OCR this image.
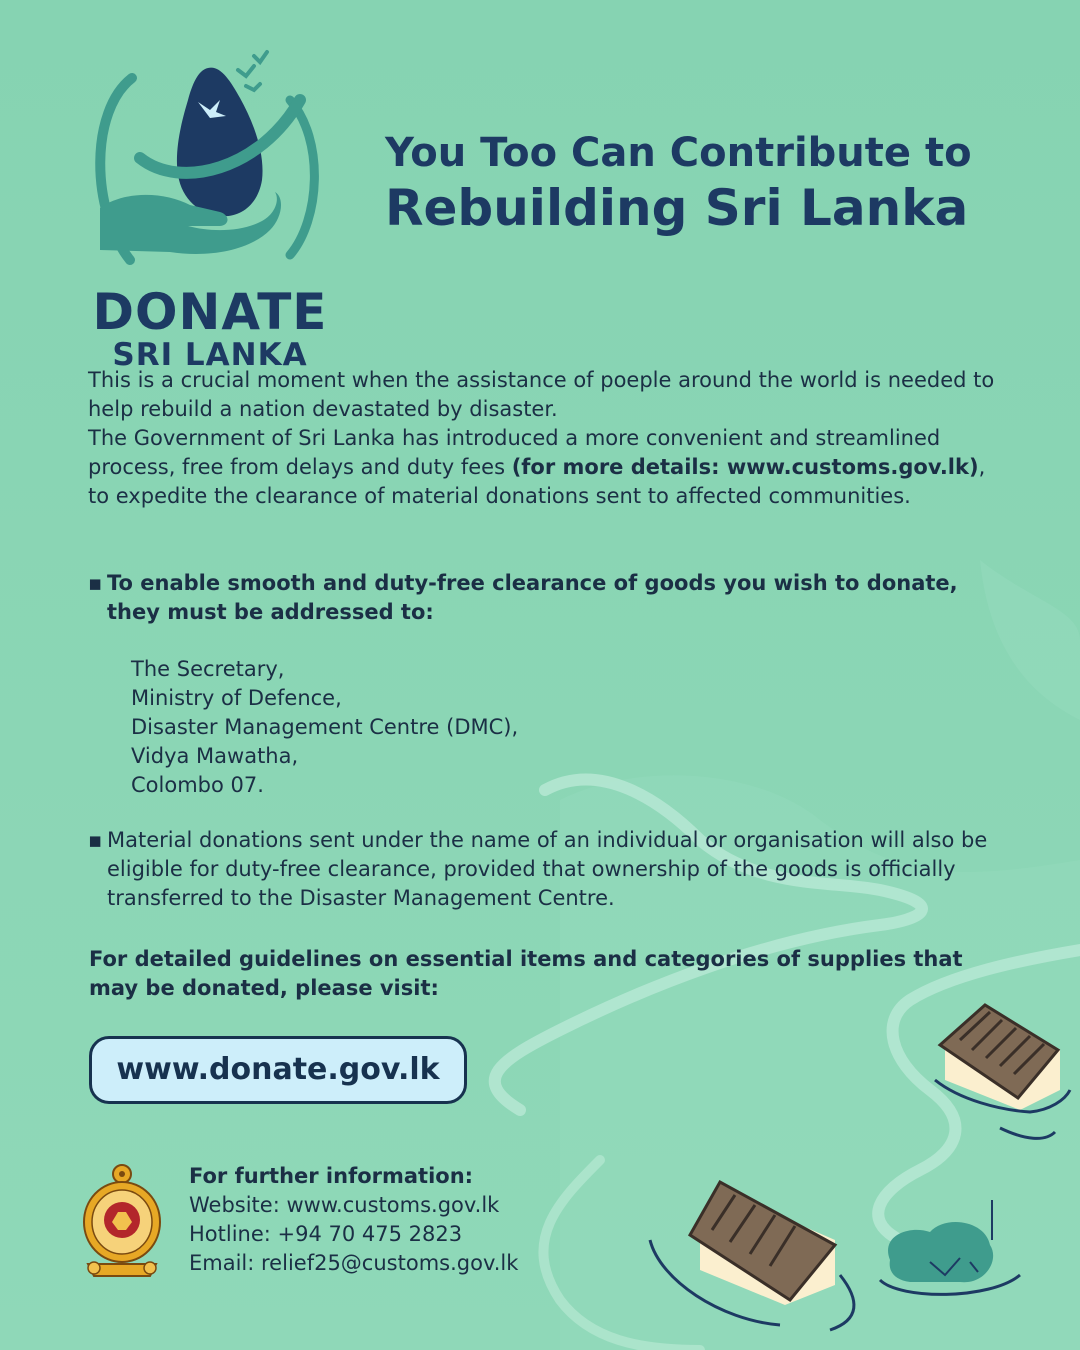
DONATE
SRI LANKA
You Too Can Contribute to
Rebuilding Sri Lanka

This is a crucial moment when the assistance of poeple around the world is needed to help rebuild a nation devastated by disaster.

The Government of Sri Lanka has introduced a more convenient and streamlined process, free from delays and duty fees (for more details: www.customs.gov.lk), to expedite the clearance of material donations sent to affected communities.

▪ To enable smooth and duty-free clearance of goods you wish to donate, they must be addressed to:
The Secretary,
Ministry of Defence,
Disaster Management Centre (DMC),
Vidya Mawatha,
Colombo 07.
▪ Material donations sent under the name of an individual or organisation will also be eligible for duty-free clearance, provided that ownership of the goods is officially transferred to the Disaster Management Centre.
For detailed guidelines on essential items and categories of supplies that may be donated, please visit:
www.donate.gov.lk
For further information:
Website: www.customs.gov.lk
Hotline: +94 70 475 2823
Email: relief25@customs.gov.lk
